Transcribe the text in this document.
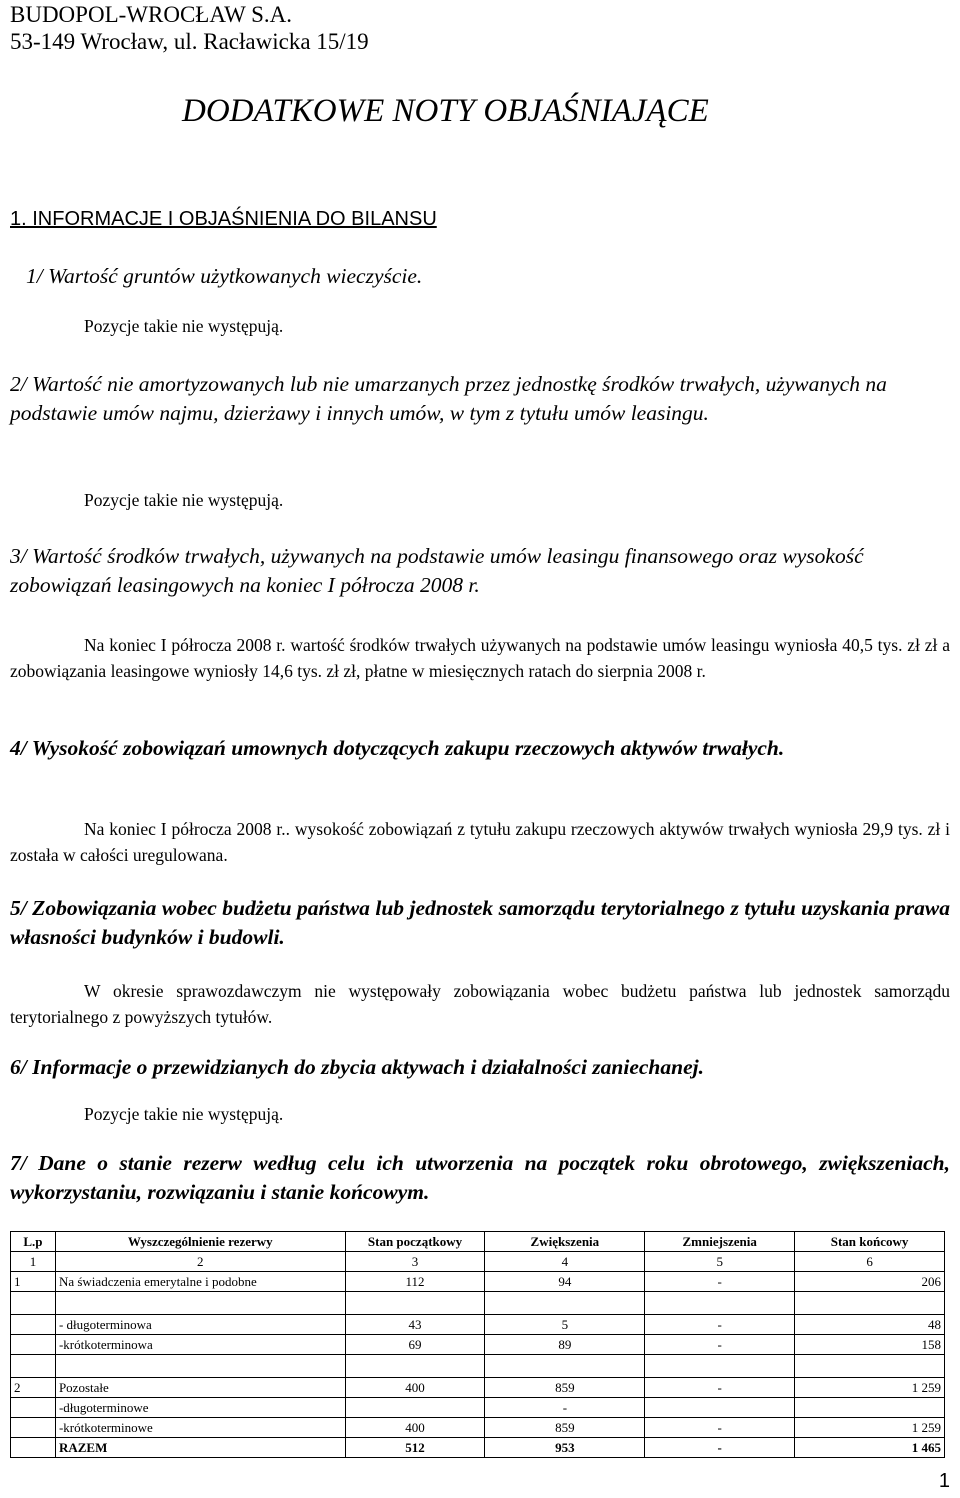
BUDOPOL-WROCŁAW S.A.
53-149 Wrocław, ul. Racławicka 15/19
DODATKOWE NOTY OBJAŚNIAJĄCE
1. INFORMACJE I OBJAŚNIENIA DO BILANSU
1/ Wartość gruntów użytkowanych wieczyście.
Pozycje takie nie występują.
2/ Wartość nie amortyzowanych lub nie umarzanych przez jednostkę środków trwałych, używanych na podstawie umów najmu, dzierżawy i innych umów, w tym z tytułu umów leasingu.
Pozycje takie nie występują.
3/ Wartość środków trwałych, używanych na podstawie umów leasingu finansowego oraz wysokość zobowiązań leasingowych na koniec I półrocza 2008 r.
Na koniec I półrocza 2008 r. wartość środków trwałych używanych na podstawie umów leasingu wyniosła 40,5 tys. zł zł a zobowiązania leasingowe wyniosły 14,6 tys. zł zł, płatne w miesięcznych ratach do sierpnia 2008 r.
4/ Wysokość zobowiązań umownych dotyczących zakupu rzeczowych aktywów trwałych.
Na koniec I półrocza 2008 r.. wysokość zobowiązań z tytułu zakupu rzeczowych aktywów trwałych wyniosła 29,9 tys. zł i została w całości uregulowana.
5/ Zobowiązania wobec budżetu państwa lub jednostek samorządu terytorialnego z tytułu uzyskania prawa własności budynków i budowli.
W okresie sprawozdawczym nie występowały zobowiązania wobec budżetu państwa lub jednostek samorządu terytorialnego z powyższych tytułów.
6/ Informacje o przewidzianych do zbycia aktywach i działalności zaniechanej.
Pozycje takie nie występują.
7/ Dane o stanie rezerw według celu ich utworzenia na początek roku obrotowego, zwiększeniach, wykorzystaniu, rozwiązaniu i stanie końcowym.
L.p	Wyszczególnienie rezerwy	Stan początkowy	Zwiększenia	Zmniejszenia	Stan końcowy
1	2	3	4	5	6
1	Na świadczenia emerytalne i podobne	112	94	-	206

	- długoterminowa	43	5	-	48
	-krótkoterminowa	69	89	-	158

2	Pozostałe	400	859	-	1 259
	-długoterminowe		-		
	-krótkoterminowe	400	859	-	1 259
	RAZEM	512	953	-	1 465
1
